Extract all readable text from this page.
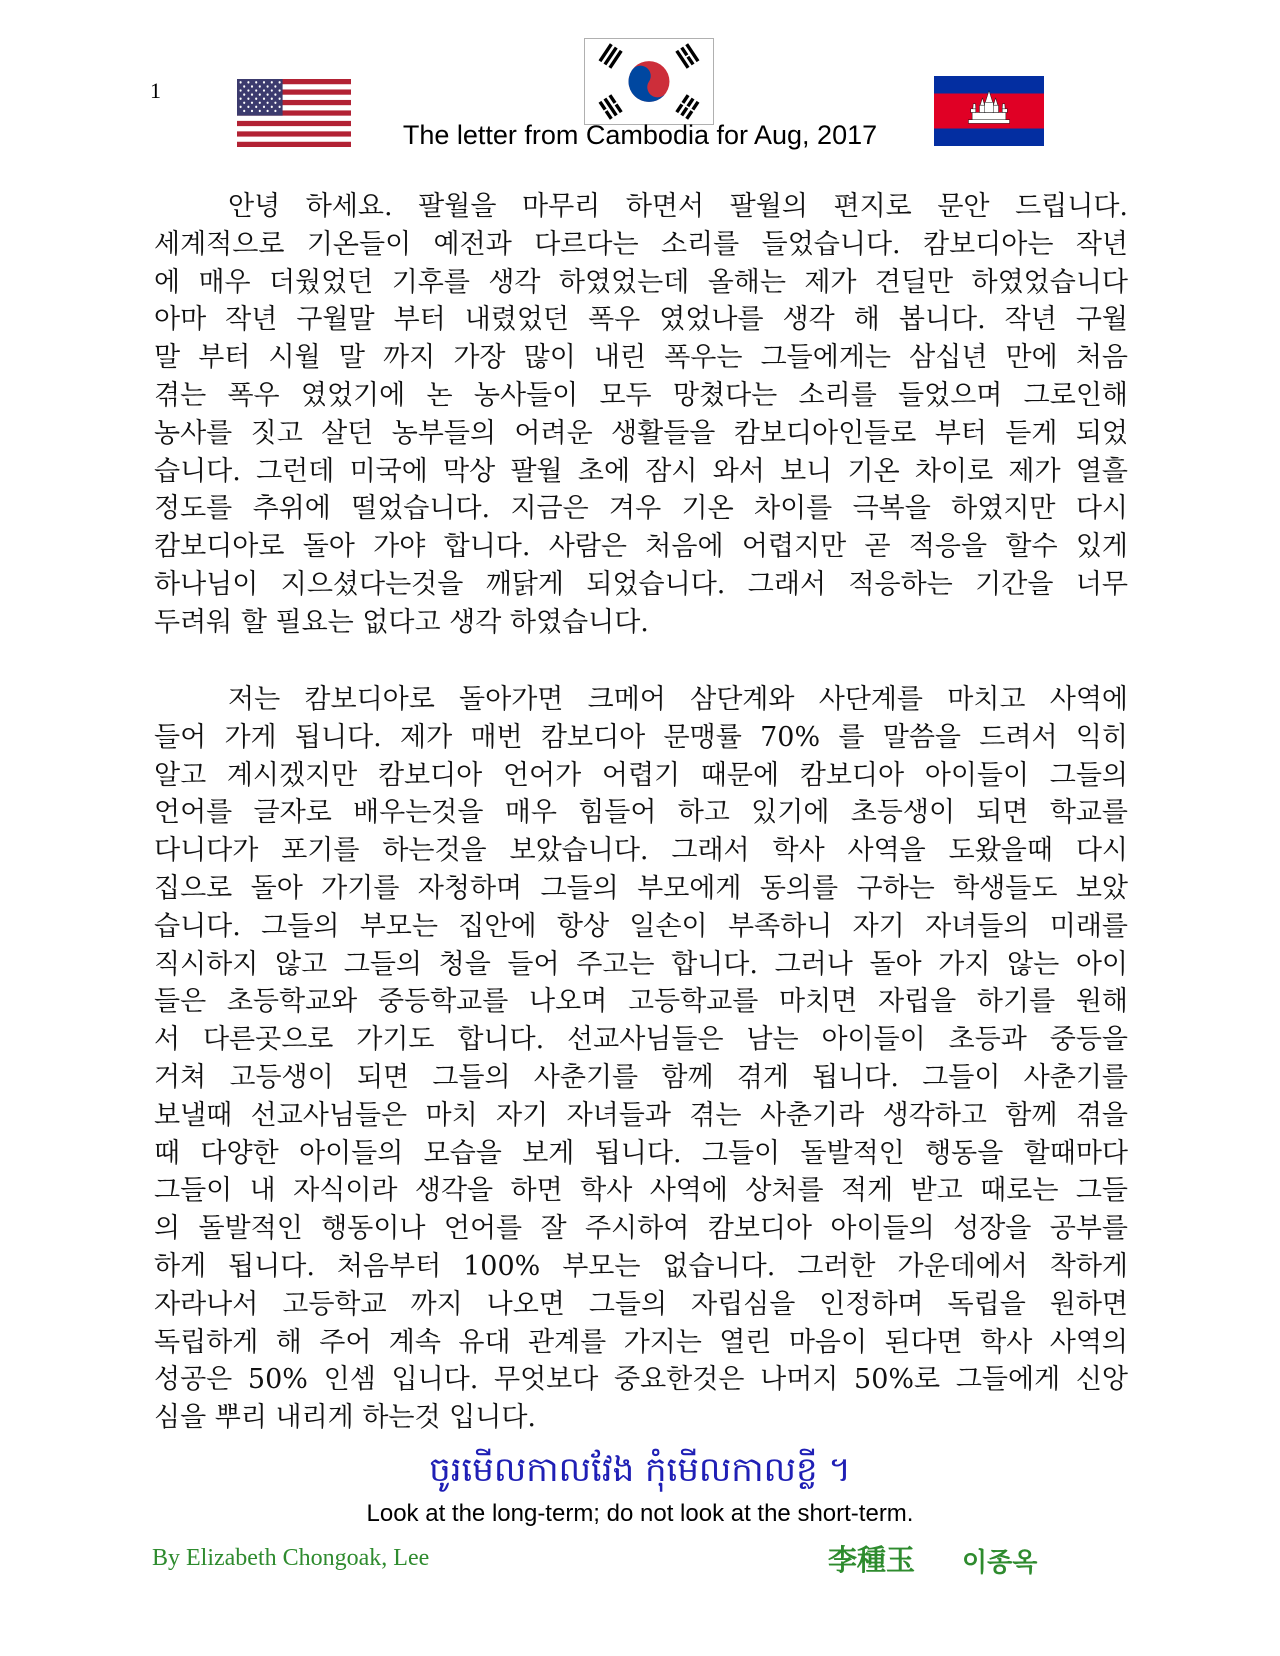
1
The letter from Cambodia for Aug, 2017
안녕 하세요. 팔월을 마무리 하면서 팔월의 편지로 문안 드립니다.
세계적으로 기온들이 예전과 다르다는 소리를 들었습니다. 캄보디아는 작년
에 매우 더웠었던 기후를 생각 하였었는데 올해는 제가 견딜만 하였었습니다
아마 작년 구월말 부터 내렸었던 폭우 였었나를 생각 해 봅니다. 작년 구월
말 부터 시월 말 까지 가장 많이 내린 폭우는 그들에게는 삼십년 만에 처음
겪는 폭우 였었기에 논 농사들이 모두 망쳤다는 소리를 들었으며 그로인해
농사를 짓고 살던 농부들의 어려운 생활들을 캄보디아인들로 부터 듣게 되었
습니다. 그런데 미국에 막상 팔월 초에 잠시 와서 보니 기온 차이로 제가 열흘
정도를 추위에 떨었습니다. 지금은 겨우 기온 차이를 극복을 하였지만 다시
캄보디아로 돌아 가야 합니다. 사람은 처음에 어렵지만 곧 적응을 할수 있게
하나님이 지으셨다는것을 깨닭게 되었습니다. 그래서 적응하는 기간을 너무
두려워 할 필요는 없다고 생각 하였습니다.
저는 캄보디아로 돌아가면 크메어 삼단계와 사단계를 마치고 사역에
들어 가게 됩니다. 제가 매번 캄보디아 문맹률 70% 를 말씀을 드려서 익히
알고 계시겠지만 캄보디아 언어가 어렵기 때문에 캄보디아 아이들이 그들의
언어를 글자로 배우는것을 매우 힘들어 하고 있기에 초등생이 되면 학교를
다니다가 포기를 하는것을 보았습니다. 그래서 학사 사역을 도왔을때 다시
집으로 돌아 가기를 자청하며 그들의 부모에게 동의를 구하는 학생들도 보았
습니다. 그들의 부모는 집안에 항상 일손이 부족하니 자기 자녀들의 미래를
직시하지 않고 그들의 청을 들어 주고는 합니다. 그러나 돌아 가지 않는 아이
들은 초등학교와 중등학교를 나오며 고등학교를 마치면 자립을 하기를 원해
서 다른곳으로 가기도 합니다. 선교사님들은 남는 아이들이 초등과 중등을
거쳐 고등생이 되면 그들의 사춘기를 함께 겪게 됩니다. 그들이 사춘기를
보낼때 선교사님들은 마치 자기 자녀들과 겪는 사춘기라 생각하고 함께 겪을
때 다양한 아이들의 모습을 보게 됩니다. 그들이 돌발적인 행동을 할때마다
그들이 내 자식이라 생각을 하면 학사 사역에 상처를 적게 받고 때로는 그들
의 돌발적인 행동이나 언어를 잘 주시하여 캄보디아 아이들의 성장을 공부를
하게 됩니다. 처음부터 100% 부모는 없습니다. 그러한 가운데에서 착하게
자라나서 고등학교 까지 나오면 그들의 자립심을 인정하며 독립을 원하면
독립하게 해 주어 계속 유대 관계를 가지는 열린 마음이 된다면 학사 사역의
성공은 50% 인셈 입니다. 무엇보다 중요한것은 나머지 50%로 그들에게 신앙
심을 뿌리 내리게 하는것 입니다.
ចូរមើលកាលវែង កុំមើលកាលខ្លី ។
Look at the long-term; do not look at the short-term.
By Elizabeth Chongoak, Lee	李種玉 이종옥
